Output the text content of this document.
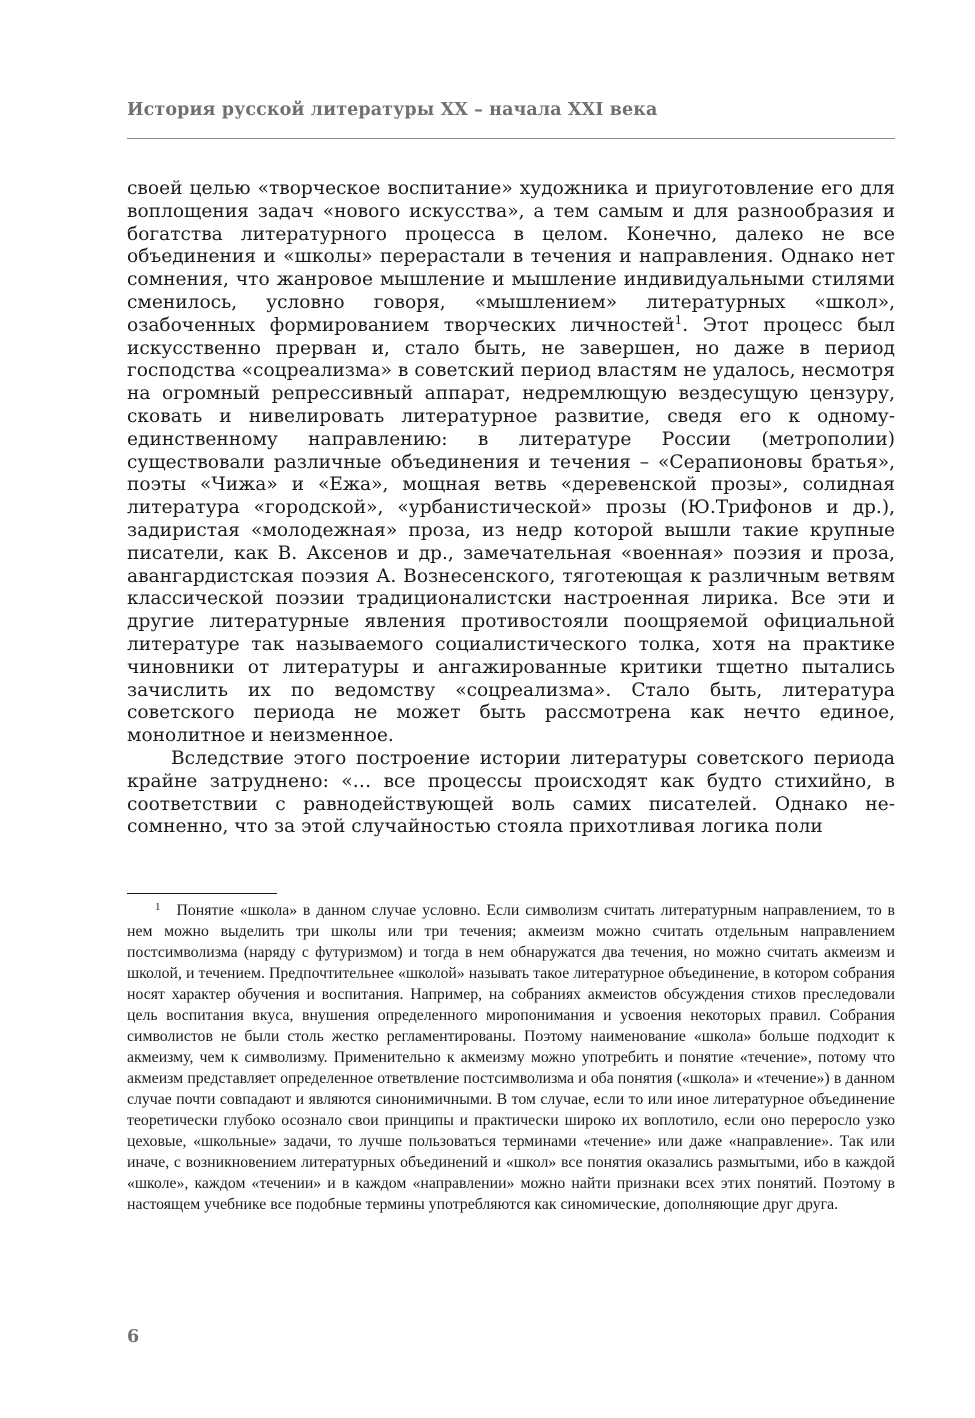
История русской литературы XX – начала XXI века

своей целью «творческое воспитание» художника и приуготовление его для воплощения задач «нового искусства», а тем самым и для разнообразия и богатства литературного процесса в целом. Конечно, далеко не все объединения и «школы» перерастали в течения и направления. Однако нет сомнения, что жанровое мышление и мышление индивидуальными стилями сменилось, условно говоря, «мышлением» литературных «школ», озабоченных формированием творческих личностей$^1$. Этот процесс был искусственно прерван и, стало быть, не завершен, но даже в период господства «соцреализма» в советский период властям не удалось, несмотря на огромный репрессивный аппарат, недремлющую вездесущую цензуру, сковать и нивелировать литературное развитие, сведя его к одному-единственному направлению: в литературе России (метрополии) существовали различные объединения и течения – «Серапионовы братья», поэты «Чижа» и «Ежа», мощная ветвь «деревенской прозы», солидная литература «городской», «урбанистической» прозы (Ю.Трифонов и др.), задиристая «молодежная» проза, из недр которой вышли такие крупные писатели, как В. Аксенов и др., замечательная «военная» поэзия и проза, авангардистская поэзия А. Вознесенского, тяготеющая к различным ветвям классической поэзии традиционалистски настроенная лирика. Все эти и другие литературные явления противостояли поощряемой официальной литературе так называемого социалистического толка, хотя на практике чиновники от литературы и ангажированные критики тщетно пытались зачислить их по ведомству «соцреализма». Стало быть, литература советского периода не может быть рассмотрена как нечто единое, монолитное и неизменное.

Вследствие этого построение истории литературы советского периода крайне затруднено: «… все процессы происходят как будто стихийно, в соответствии с равнодействующей воль самих писателей. Однако несомненно, что за этой случайностью стояла прихотливая логика поли

$^1$ Понятие «школа» в данном случае условно. Если символизм считать литературным направлением, то в нем можно выделить три школы или три течения; акмеизм можно считать отдельным направлением постсимволизма (наряду с футуризмом) и тогда в нем обнаружатся два течения, но можно считать акмеизм и школой, и течением. Предпочтительнее «школой» называть такое литературное объединение, в котором собрания носят характер обучения и воспитания. Например, на собраниях акмеистов обсуждения стихов преследовали цель воспитания вкуса, внушения определенного миропонимания и усвоения некоторых правил. Собрания символистов не были столь жестко регламентированы. Поэтому наименование «школа» больше подходит к акмеизму, чем к символизму. Применительно к акмеизму можно употребить и понятие «течение», потому что акмеизм представляет определенное ответвление постсимволизма и оба понятия («школа» и «течение») в данном случае почти совпадают и являются синонимичными. В том случае, если то или иное литературное объединение теоретически глубоко осознало свои принципы и практически широко их воплотило, если оно переросло узко цеховые, «школьные» задачи, то лучше пользоваться терминами «течение» или даже «направление». Так или иначе, с возникновением литературных объединений и «школ» все понятия оказались размытыми, ибо в каждой «школе», каждом «течении» и в каждом «направлении» можно найти признаки всех этих понятий. Поэтому в настоящем учебнике все подобные термины употребляются как синомические, дополняющие друг друга.

6
